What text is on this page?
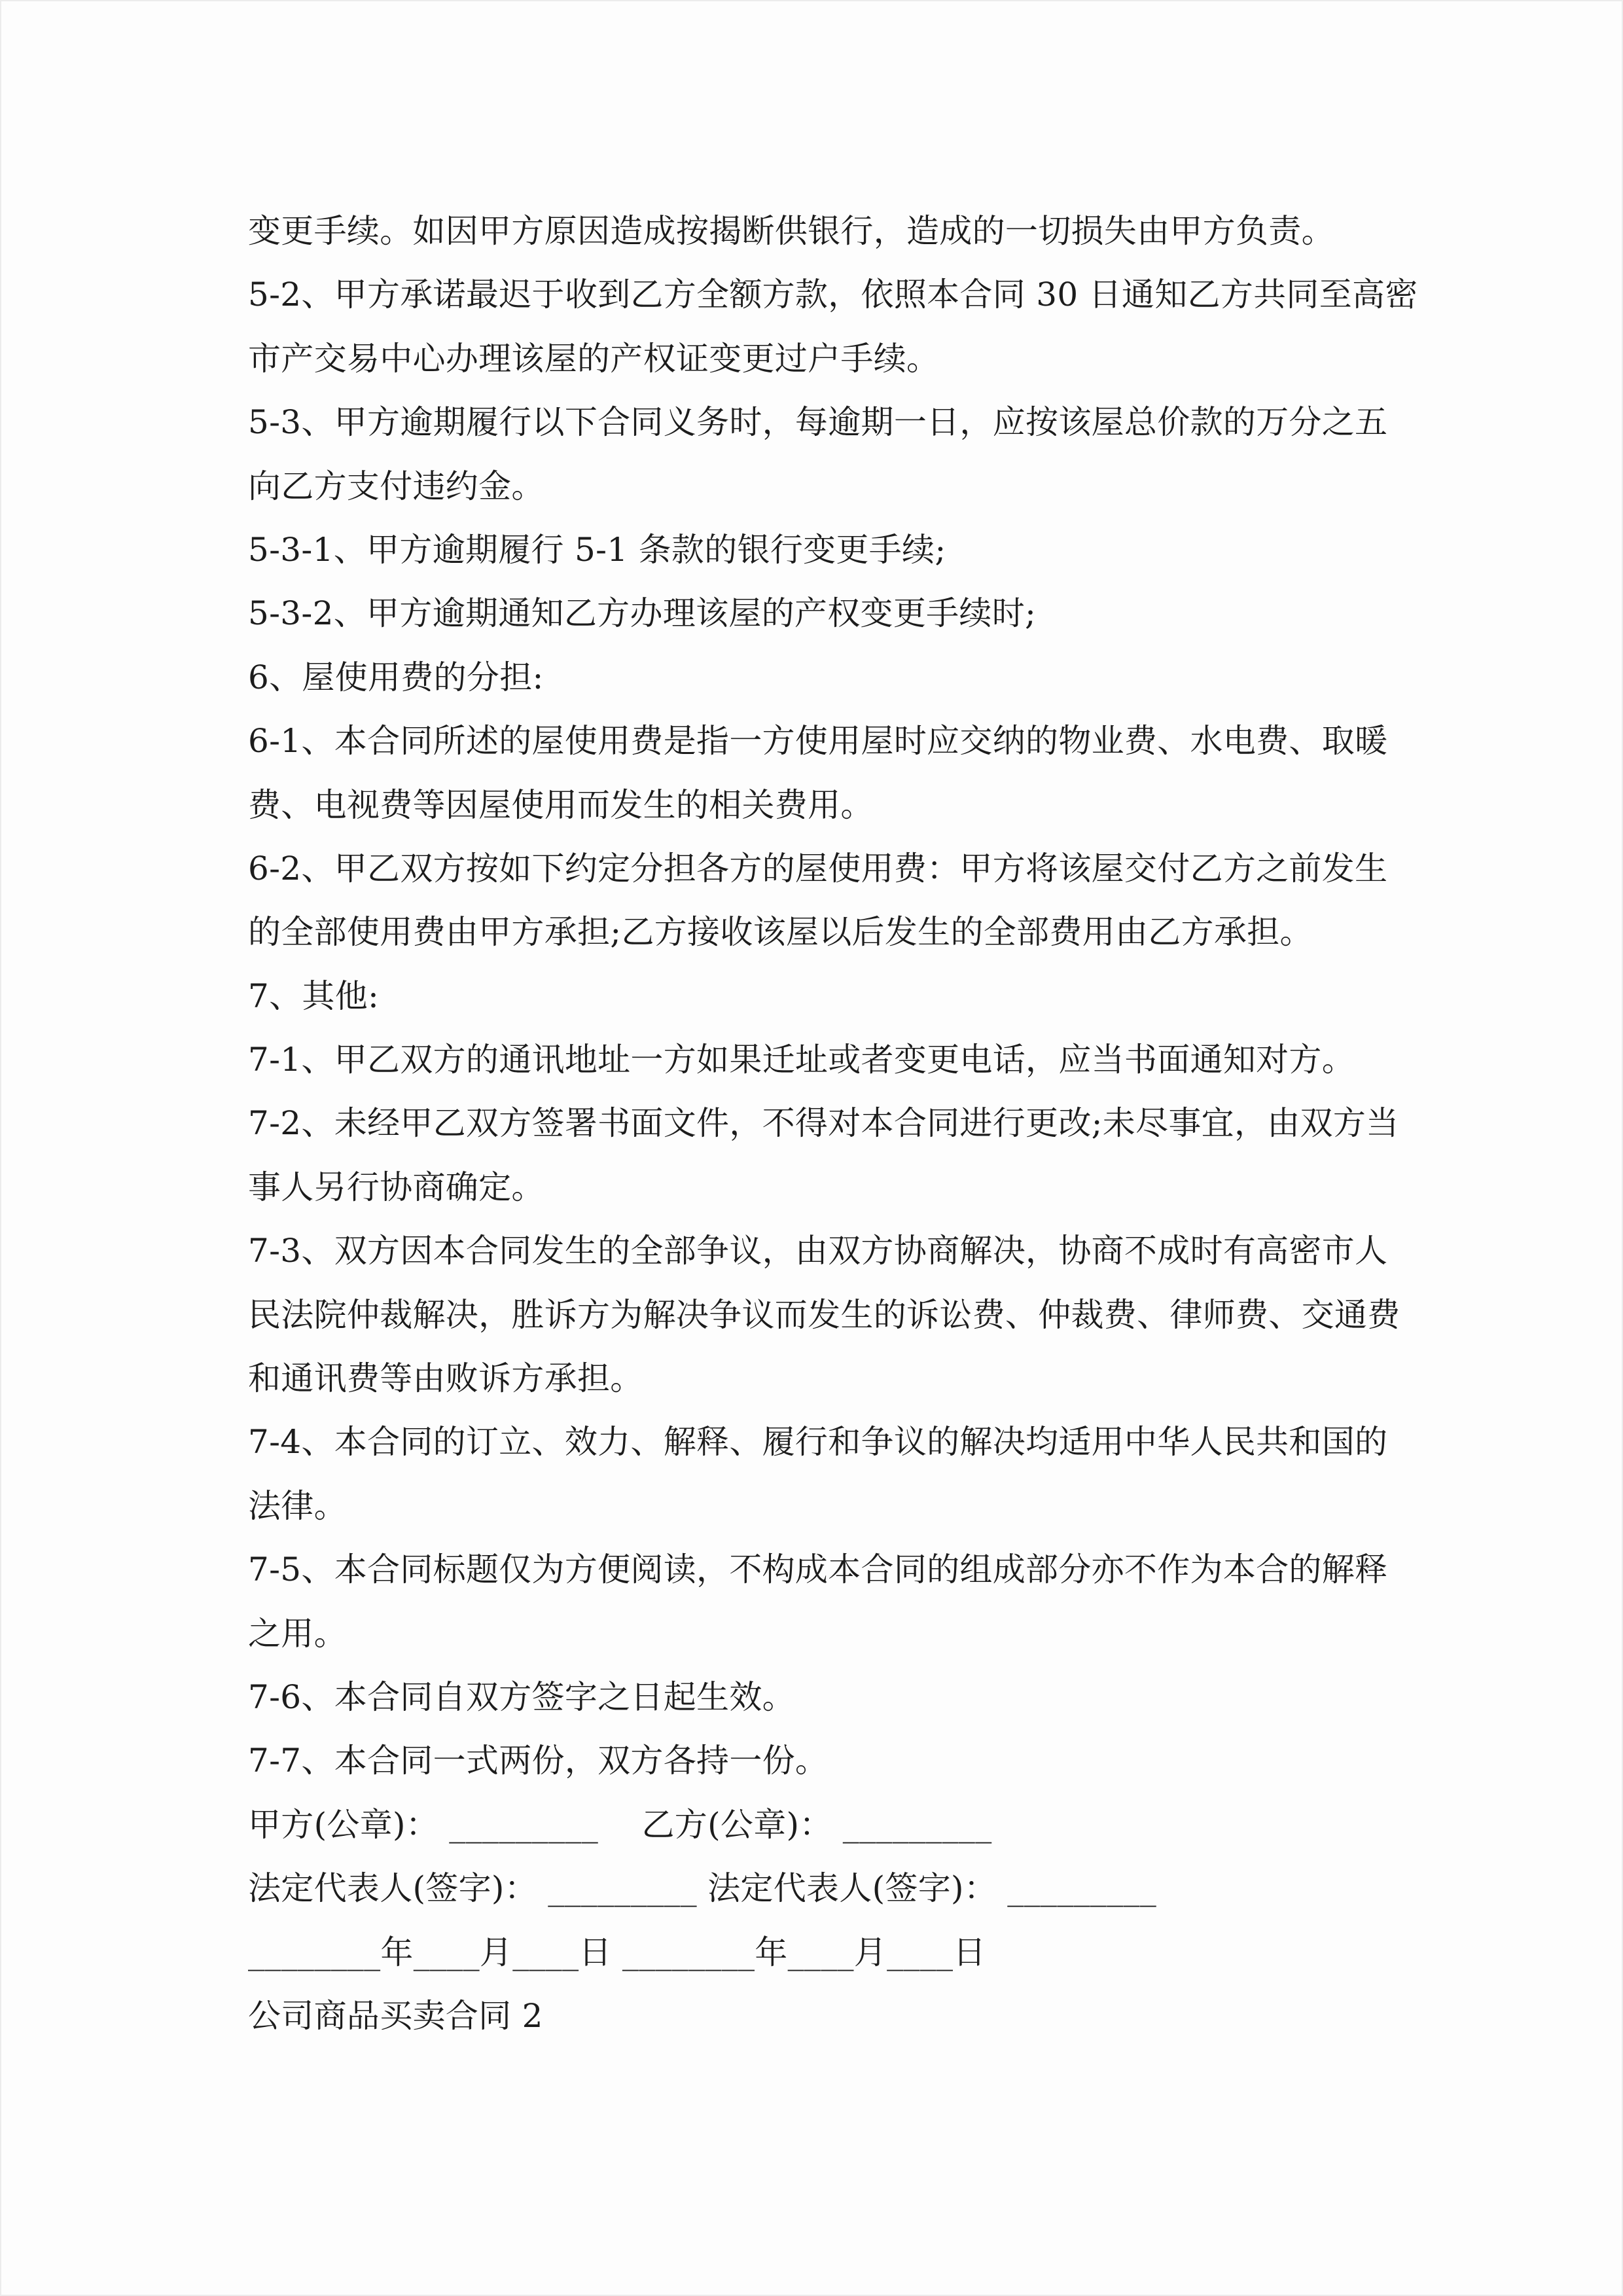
变更手续。如因甲方原因造成按揭断供银行，造成的一切损失由甲方负责。
5-2、甲方承诺最迟于收到乙方全额方款，依照本合同 30 日通知乙方共同至高密
市产交易中心办理该屋的产权证变更过户手续。
5-3、甲方逾期履行以下合同义务时，每逾期一日，应按该屋总价款的万分之五
向乙方支付违约金。
5-3-1、甲方逾期履行 5-1 条款的银行变更手续;
5-3-2、甲方逾期通知乙方办理该屋的产权变更手续时;
6、屋使用费的分担:
6-1、本合同所述的屋使用费是指一方使用屋时应交纳的物业费、水电费、取暖
费、电视费等因屋使用而发生的相关费用。
6-2、甲乙双方按如下约定分担各方的屋使用费：甲方将该屋交付乙方之前发生
的全部使用费由甲方承担;乙方接收该屋以后发生的全部费用由乙方承担。
7、其他:
7-1、甲乙双方的通讯地址一方如果迁址或者变更电话，应当书面通知对方。
7-2、未经甲乙双方签署书面文件，不得对本合同进行更改;未尽事宜，由双方当
事人另行协商确定。
7-3、双方因本合同发生的全部争议，由双方协商解决，协商不成时有高密市人
民法院仲裁解决，胜诉方为解决争议而发生的诉讼费、仲裁费、律师费、交通费
和通讯费等由败诉方承担。
7-4、本合同的订立、效力、解释、履行和争议的解决均适用中华人民共和国的
法律。
7-5、本合同标题仅为方便阅读，不构成本合同的组成部分亦不作为本合的解释
之用。
7-6、本合同自双方签字之日起生效。
7-7、本合同一式两份，双方各持一份。
甲方(公章)： _________　 乙方(公章)： _________
法定代表人(签字)： _________ 法定代表人(签字)： _________
________年____月____日 ________年____月____日
公司商品买卖合同 2
